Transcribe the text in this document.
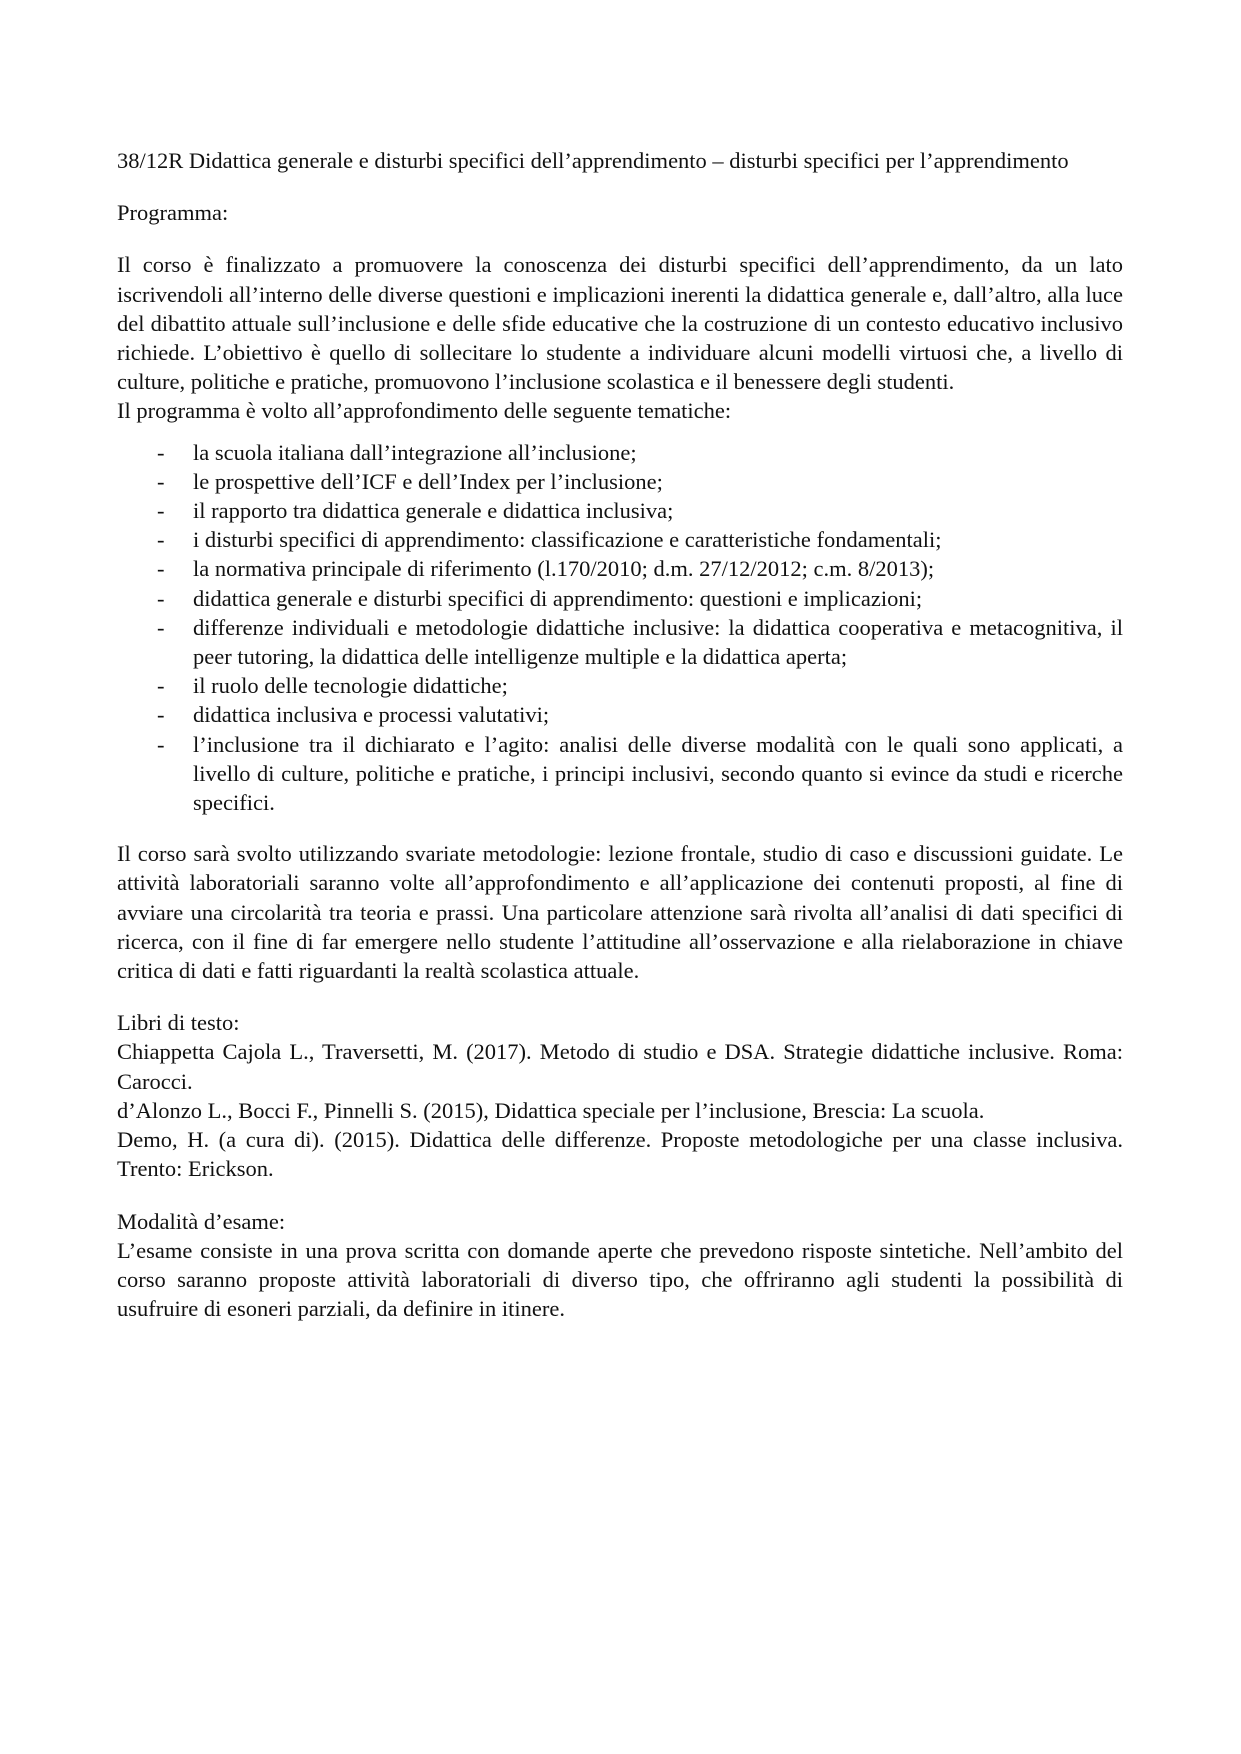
38/12R Didattica generale e disturbi specifici dell’apprendimento – disturbi specifici per l’apprendimento

Programma:

Il corso è finalizzato a promuovere la conoscenza dei disturbi specifici dell’apprendimento, da un lato iscrivendoli all’interno delle diverse questioni e implicazioni inerenti la didattica generale e, dall’altro, alla luce del dibattito attuale sull’inclusione e delle sfide educative che la costruzione di un contesto educativo inclusivo richiede. L’obiettivo è quello di sollecitare lo studente a individuare alcuni modelli virtuosi che, a livello di culture, politiche e pratiche, promuovono l’inclusione scolastica e il benessere degli studenti.

Il programma è volto all’approfondimento delle seguente tematiche:

- la scuola italiana dall’integrazione all’inclusione;
- le prospettive dell’ICF e dell’Index per l’inclusione;
- il rapporto tra didattica generale e didattica inclusiva;
- i disturbi specifici di apprendimento: classificazione e caratteristiche fondamentali;
- la normativa principale di riferimento (l.170/2010; d.m. 27/12/2012; c.m. 8/2013);
- didattica generale e disturbi specifici di apprendimento: questioni e implicazioni;
- differenze individuali e metodologie didattiche inclusive: la didattica cooperativa e metacognitiva, il peer tutoring, la didattica delle intelligenze multiple e la didattica aperta;
- il ruolo delle tecnologie didattiche;
- didattica inclusiva e processi valutativi;
- l’inclusione tra il dichiarato e l’agito: analisi delle diverse modalità con le quali sono applicati, a livello di culture, politiche e pratiche, i principi inclusivi, secondo quanto si evince da studi e ricerche specifici.

Il corso sarà svolto utilizzando svariate metodologie: lezione frontale, studio di caso e discussioni guidate. Le attività laboratoriali saranno volte all’approfondimento e all’applicazione dei contenuti proposti, al fine di avviare una circolarità tra teoria e prassi. Una particolare attenzione sarà rivolta all’analisi di dati specifici di ricerca, con il fine di far emergere nello studente l’attitudine all’osservazione e alla rielaborazione in chiave critica di dati e fatti riguardanti la realtà scolastica attuale.

Libri di testo:

Chiappetta Cajola L., Traversetti, M. (2017). Metodo di studio e DSA. Strategie didattiche inclusive. Roma: Carocci.

d’Alonzo L., Bocci F., Pinnelli S. (2015), Didattica speciale per l’inclusione, Brescia: La scuola.

Demo, H. (a cura di). (2015). Didattica delle differenze. Proposte metodologiche per una classe inclusiva. Trento: Erickson.

Modalità d’esame:

L’esame consiste in una prova scritta con domande aperte che prevedono risposte sintetiche. Nell’ambito del corso saranno proposte attività laboratoriali di diverso tipo, che offriranno agli studenti la possibilità di usufruire di esoneri parziali, da definire in itinere.
